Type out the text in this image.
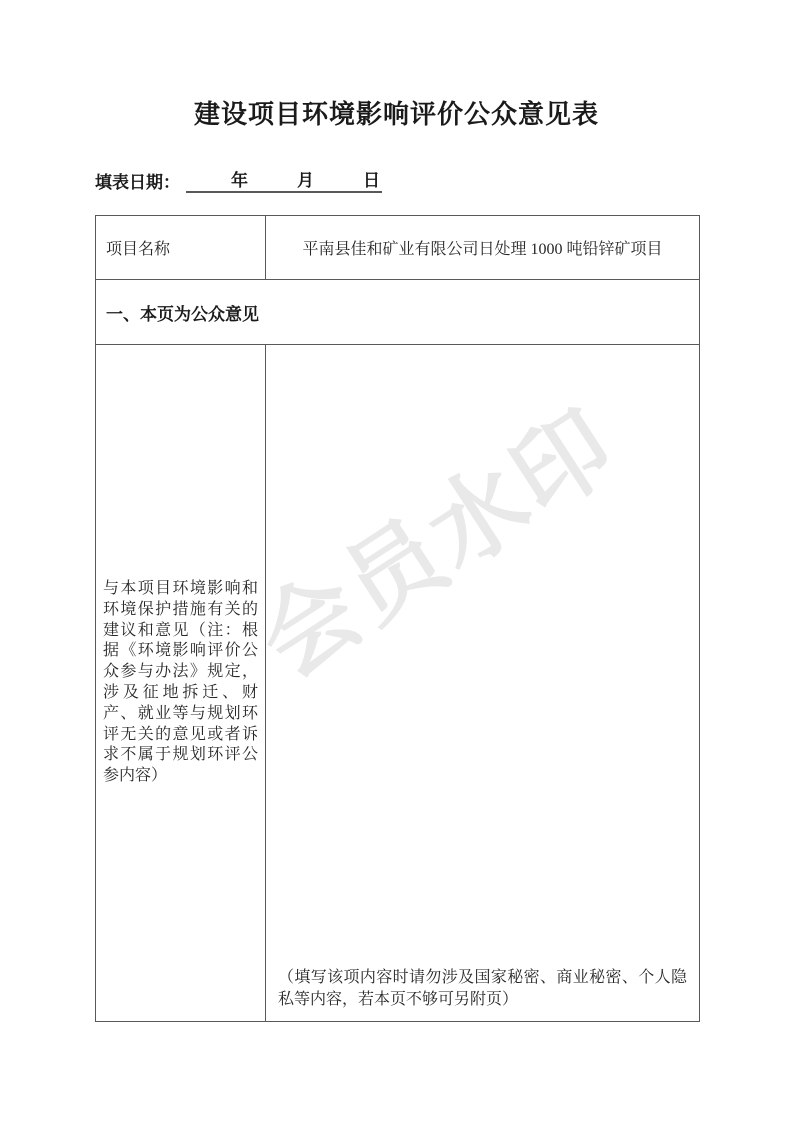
会员水印
建设项目环境影响评价公众意见表
填表日期：	年	月	日
项目名称	平南县佳和矿业有限公司日处理 1000 吨铅锌矿项目
一、本页为公众意见
与本项目环境影响和环境保护措施有关的建议和意见（注：根据《环境影响评价公众参与办法》规定，涉及征地拆迁、财产、就业等与规划环评无关的意见或者诉求不属于规划环评公参内容）
（填写该项内容时请勿涉及国家秘密、商业秘密、个人隐私等内容，若本页不够可另附页）
